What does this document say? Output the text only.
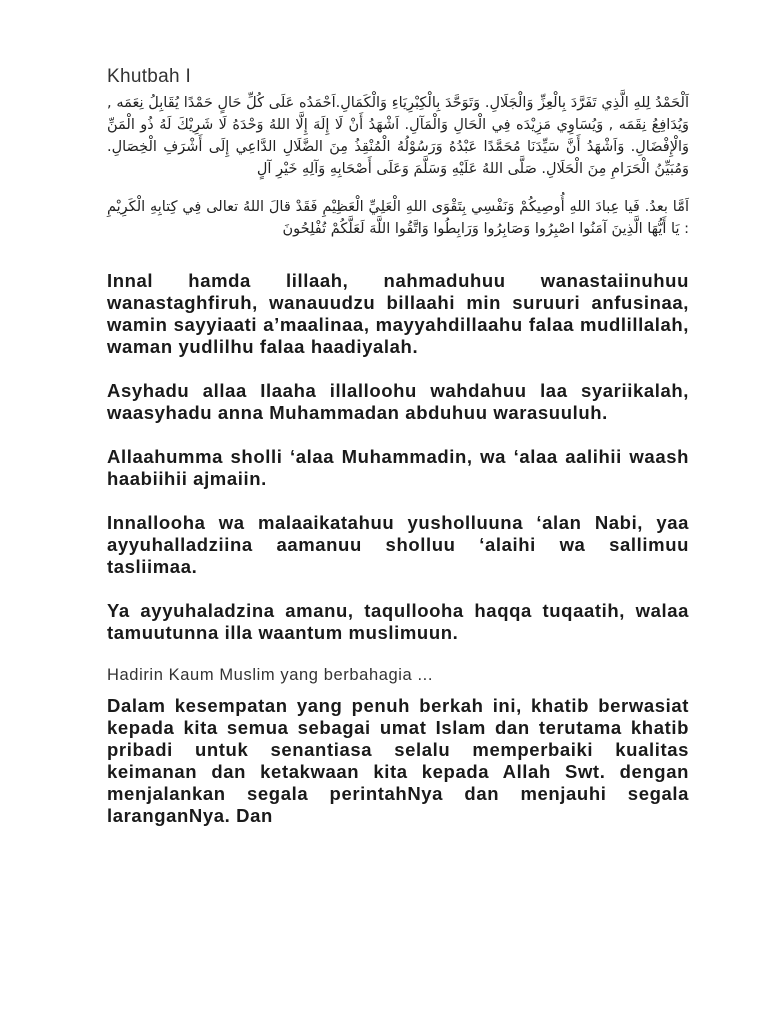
Khutbah I

اَلْحَمْدُ لِلهِ الَّذِي تَفَرَّدَ بِالْعِزِّ وَالْجَلَالِ. وَتَوَحَّدَ بِالْكِبْرِيَاءِ وَالْكَمَالِ.اَحْمَدُه عَلَى كُلِّ حَالٍ حَمْدًا يُقَابِلُ نِعَمَه , وَيُدَافِعُ نِقَمَه , وَيُسَاوِي مَزِيْدَه فِي الْحَالِ وَالْمَآلِ. اَشْهَدُ أَنْ لَا إِلَهَ إِلَّا اللهُ وَحْدَهُ لَا شَرِيْكَ لَهُ ذُو الْمَنِّ وَالْإِفْضَالِ. وَاَشْهَدُ أَنَّ سَيِّدَنَا مُحَمَّدًا عَبْدُهُ وَرَسُوْلُهُ الْمُنْقِذُ مِنَ الضَّلَالِ الدَّاعِي إِلَى أَشْرَفِ الْخِصَالِ. وَمُبَيِّنُ الْحَرَامِ مِنَ الْحَلَالِ. صَلَّى اللهُ عَلَيْهِ وَسَلَّمَ وَعَلَى أَصْحَابِهِ وَآلِهِ خَيْرِ آلٍ

اَمَّا بعدُ. فَيا عِبادَ اللهِ أُوصِيكُمْ وَنَفْسِي بِتَقْوَى اللهِ الْعَلِيِّ الْعَظِيْمِ فَقَدْ قالَ اللهُ تعالى فِي كِتابِهِ الْكَرِيْمِ : يَا أَيُّهَا الَّذِينَ آمَنُوا اصْبِرُوا وَصَابِرُوا وَرَابِطُوا وَاتَّقُوا اللَّهَ لَعَلَّكُمْ تُفْلِحُونَ

Innal hamda lillaah, nahmaduhuu wanastaiinuhuu wanastaghfiruh, wanauudzu billaahi min suruuri anfusinaa, wamin sayyiaati a’maalinaa, mayyahdillaahu falaa mudlillalah, waman yudlilhu falaa haadiyalah.

Asyhadu allaa Ilaaha illallooh​u wahdahuu laa syariikalah, waasyhadu anna Muhammadan abduhuu warasuuluh.

Allaahumma sholli ‘alaa Muhammadin, wa ‘alaa aalihii waash haabiihii ajmaiin.

Innallooha wa malaaikatahuu yusholluuna ‘alan Nabi, yaa ayyuhalladziina aamanuu sholluu ‘alaihi wa sallimuu tasliimaa.

Ya ayyuhaladzina amanu, taqullooha haqqa tuqaatih, walaa tamuutunna illa waantum muslimuun.

Hadirin Kaum Muslim yang berbahagia ...

Dalam kesempatan yang penuh berkah ini, khatib berwasiat kepada kita semua sebagai umat Islam dan terutama khatib pribadi untuk senantiasa selalu memperbaiki kualitas keimanan dan ketakwaan kita kepada Allah Swt. dengan menjalankan segala perintahNya dan menjauhi segala laranganNya. Dan
